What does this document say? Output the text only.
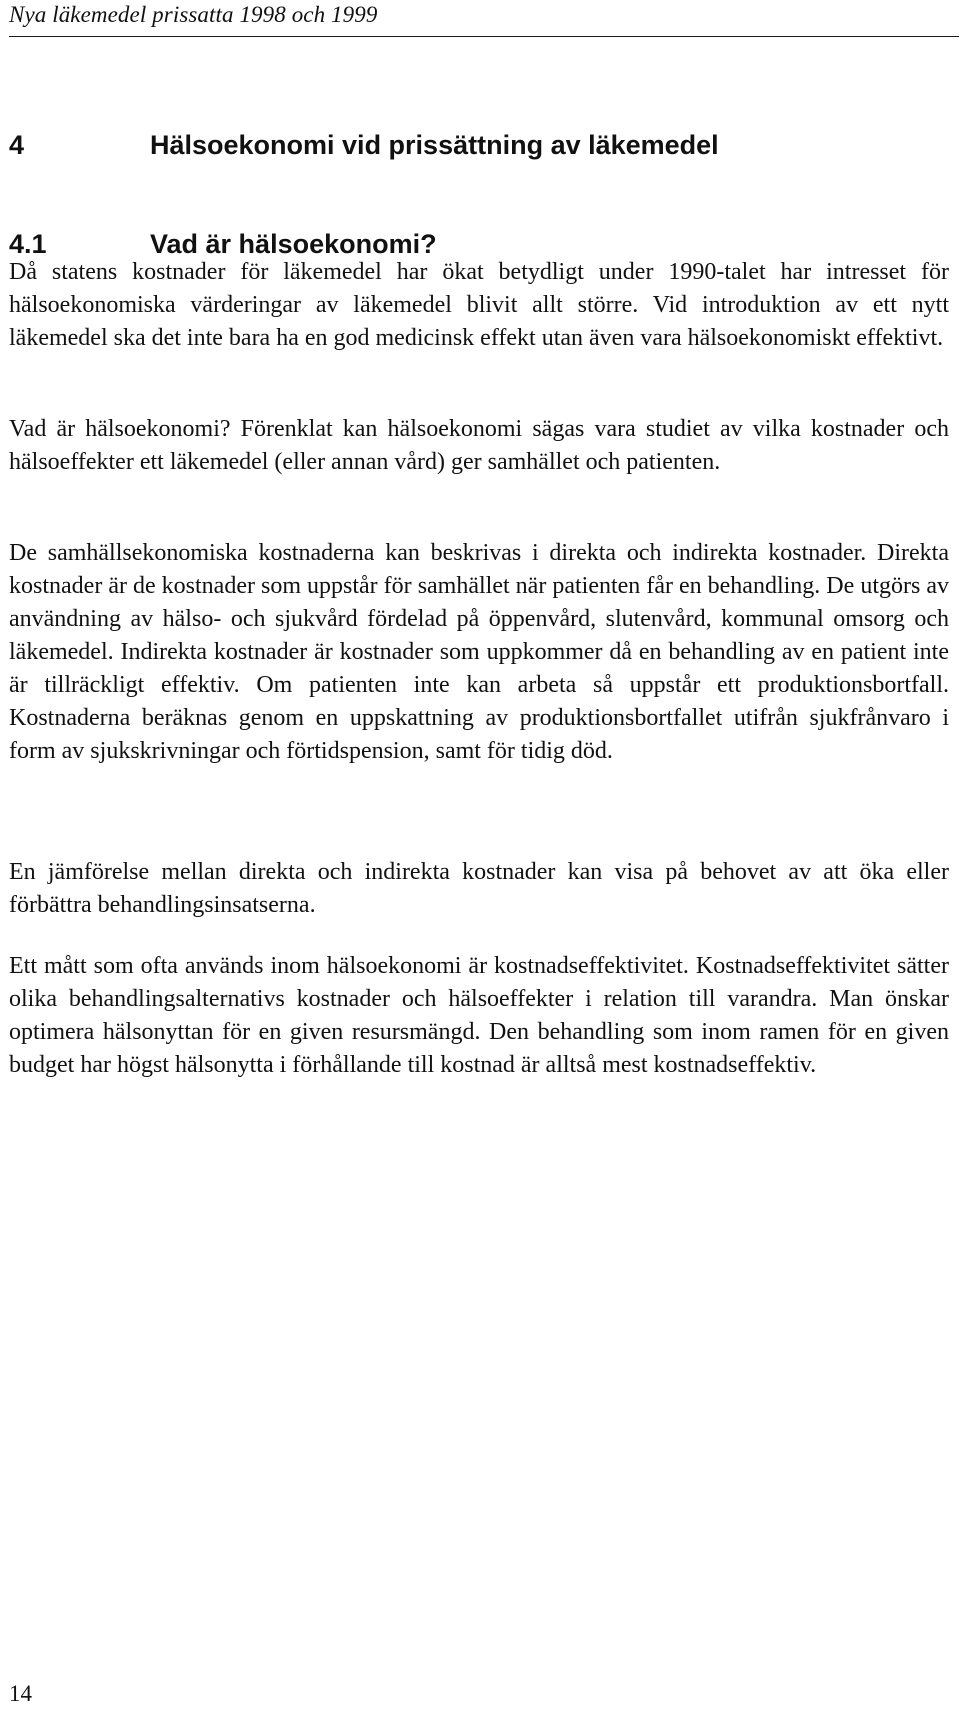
Nya läkemedel prissatta 1998 och 1999
4	Hälsoekonomi vid prissättning av läkemedel
4.1	Vad är hälsoekonomi?

Då statens kostnader för läkemedel har ökat betydligt under 1990-talet har intresset för hälsoekonomiska värderingar av läkemedel blivit allt större. Vid introduktion av ett nytt läkemedel ska det inte bara ha en god medicinsk effekt utan även vara hälsoekonomiskt effektivt.

Vad är hälsoekonomi? Förenklat kan hälsoekonomi sägas vara studiet av vilka kostnader och hälsoeffekter ett läkemedel (eller annan vård) ger samhället och patienten.

De samhällsekonomiska kostnaderna kan beskrivas i direkta och indirekta kostnader. Direkta kostnader är de kostnader som uppstår för samhället när patienten får en behandling. De utgörs av användning av hälso- och sjukvård fördelad på öppenvård, slutenvård, kommunal omsorg och läkemedel. Indirekta kostnader är kostnader som uppkommer då en behandling av en patient inte är tillräckligt effektiv. Om patienten inte kan arbeta så uppstår ett produktionsbortfall. Kostnaderna beräknas genom en uppskattning av produktionsbortfallet utifrån sjukfrånvaro i form av sjukskrivningar och förtidspension, samt för tidig död.

En jämförelse mellan direkta och indirekta kostnader kan visa på behovet av att öka eller förbättra behandlingsinsatserna.

Ett mått som ofta används inom hälsoekonomi är kostnadseffektivitet. Kostnadseffektivitet sätter olika behandlingsalternativs kostnader och hälsoeffekter i relation till varandra. Man önskar optimera hälsonyttan för en given resursmängd. Den behandling som inom ramen för en given budget har högst hälsonytta i förhållande till kostnad är alltså mest kostnadseffektiv.

14
